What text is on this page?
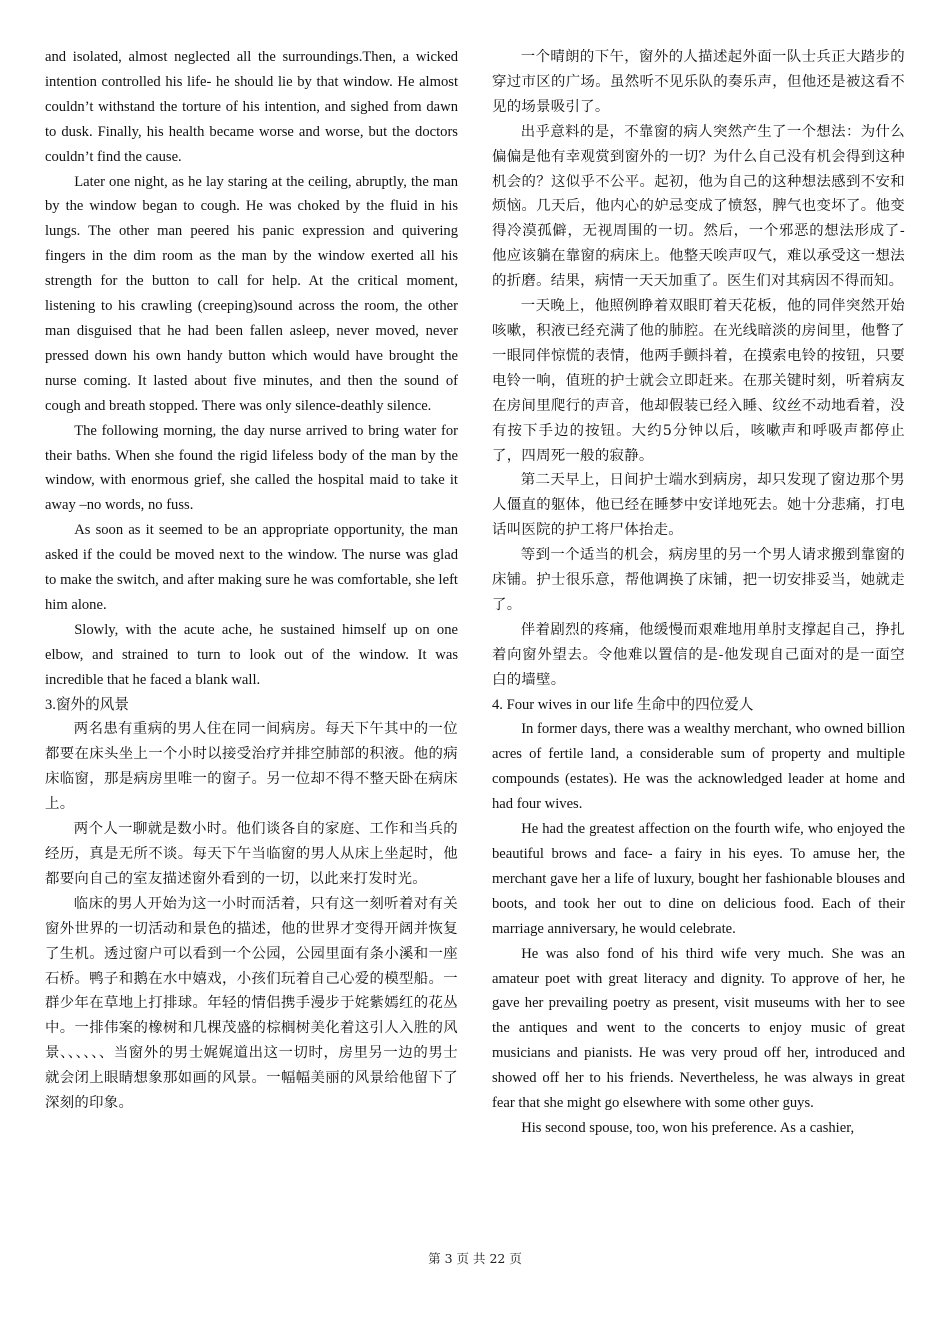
and isolated, almost neglected all the surroundings.Then, a wicked intention controlled his life- he should lie by that window. He almost couldn’t withstand the torture of his intention, and sighed from dawn to dusk. Finally, his health became worse and worse, but the doctors couldn’t find the cause.

Later one night, as he lay staring at the ceiling, abruptly, the man by the window began to cough. He was choked by the fluid in his lungs. The other man peered his panic expression and quivering fingers in the dim room as the man by the window exerted all his strength for the button to call for help. At the critical moment, listening to his crawling (creeping)sound across the room, the other man disguised that he had been fallen asleep, never moved, never pressed down his own handy button which would have brought the nurse coming. It lasted about five minutes, and then the sound of cough and breath stopped. There was only silence-deathly silence.

The following morning, the day nurse arrived to bring water for their baths. When she found the rigid lifeless body of the man by the window, with enormous grief, she called the hospital maid to take it away –no words, no fuss.

As soon as it seemed to be an appropriate opportunity, the man asked if the could be moved next to the window. The nurse was glad to make the switch, and after making sure he was comfortable, she left him alone.

Slowly, with the acute ache, he sustained himself up on one elbow, and strained to turn to look out of the window. It was incredible that he faced a blank wall.

3.窗外的风景

两名患有重病的男人住在同一间病房。每天下午其中的一位都要在床头坐上一个小时以接受治疗并排空肺部的积液。他的病床临窗，那是病房里唯一的窗子。另一位却不得不整天卧在病床上。

两个人一聊就是数小时。他们谈各自的家庭、工作和当兵的经历，真是无所不谈。每天下午当临窗的男人从床上坐起时，他都要向自己的室友描述窗外看到的一切，以此来打发时光。

临床的男人开始为这一小时而活着，只有这一刻听着对有关窗外世界的一切活动和景色的描述，他的世界才变得开阔并恢复了生机。透过窗户可以看到一个公园，公园里面有条小溪和一座石桥。鸭子和鹅在水中嬉戏，小孩们玩着自己心爱的模型船。一群少年在草地上打排球。年轻的情侣携手漫步于姹紫嫣红的花丛中。一排伟案的橡树和几棵茂盛的棕榈树美化着这引人入胜的风景、、、、、、当窗外的男士娓娓道出这一切时，房里另一边的男士就会闭上眼睛想象那如画的风景。一幅幅美丽的风景给他留下了深刻的印象。

一个晴朗的下午，窗外的人描述起外面一队士兵正大踏步的穿过市区的广场。虽然听不见乐队的奏乐声，但他还是被这看不见的场景吸引了。

出乎意料的是，不靠窗的病人突然产生了一个想法：为什么偏偏是他有幸观赏到窗外的一切？为什么自己没有机会得到这种机会的？这似乎不公平。起初，他为自己的这种想法感到不安和烦恼。几天后，他内心的妒忌变成了愤怒，脾气也变坏了。他变得冷漠孤僻，无视周围的一切。然后，一个邪恶的想法形成了-他应该躺在靠窗的病床上。他整天唉声叹气，难以承受这一想法的折磨。结果，病情一天天加重了。医生们对其病因不得而知。

一天晚上，他照例睁着双眼盯着天花板，他的同伴突然开始咳嗽，积液已经充满了他的肺腔。在光线暗淡的房间里，他瞥了一眼同伴惊慌的表情，他两手颤抖着，在摸索电铃的按钮，只要电铃一响，值班的护士就会立即赶来。在那关键时刻，听着病友在房间里爬行的声音，他却假装已经入睡、纹丝不动地看着，没有按下手边的按钮。大约5分钟以后，咳嗽声和呼吸声都停止了，四周死一般的寂静。

第二天早上，日间护士端水到病房，却只发现了窗边那个男人僵直的躯体，他已经在睡梦中安详地死去。她十分悲痛，打电话叫医院的护工将尸体抬走。

等到一个适当的机会，病房里的另一个男人请求搬到靠窗的床铺。护士很乐意，帮他调换了床铺，把一切安排妥当，她就走了。

伴着剧烈的疼痛，他缓慢而艰难地用单肘支撑起自己，挣扎着向窗外望去。令他难以置信的是-他发现自己面对的是一面空白的墙壁。

4. Four wives in our life 生命中的四位爱人

In former days, there was a wealthy merchant, who owned billion acres of fertile land, a considerable sum of property and multiple compounds (estates). He was the acknowledged leader at home and had four wives.

He had the greatest affection on the fourth wife, who enjoyed the beautiful brows and face- a fairy in his eyes. To amuse her, the merchant gave her a life of luxury, bought her fashionable blouses and boots, and took her out to dine on delicious food. Each of their marriage anniversary, he would celebrate.

He was also fond of his third wife very much. She was an amateur poet with great literacy and dignity. To approve of her, he gave her prevailing poetry as present, visit museums with her to see the antiques and went to the concerts to enjoy music of great musicians and pianists. He was very proud off her, introduced and showed off her to his friends. Nevertheless, he was always in great fear that she might go elsewhere with some other guys.

His second spouse, too, won his preference. As a cashier,

第 3 页 共 22 页
